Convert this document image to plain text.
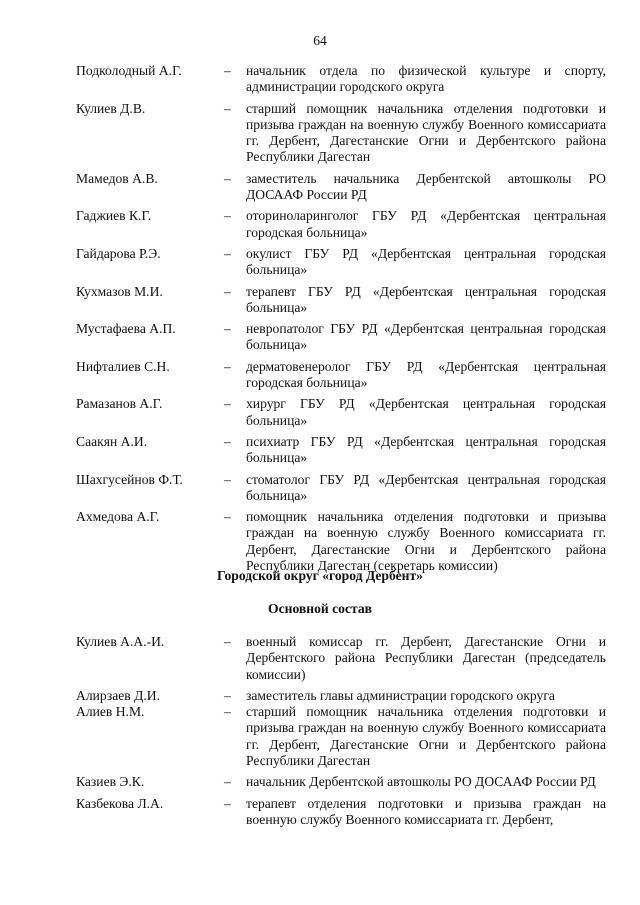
64
Подколодный А.Г.	–	начальник отдела по физической культуре и спорту, администрации городского округа
Кулиев Д.В.	–	старший помощник начальника отделения подготовки и призыва граждан на военную службу Военного комиссариата гг. Дербент, Дагестанские Огни и Дербентского района Республики Дагестан
Мамедов А.В.	–	заместитель начальника Дербентской автошколы РО ДОСААФ России РД
Гаджиев К.Г.	–	оториноларинголог ГБУ РД «Дербентская центральная городская больница»
Гайдарова Р.Э.	–	окулист ГБУ РД «Дербентская центральная городская больница»
Кухмазов М.И.	–	терапевт ГБУ РД «Дербентская центральная городская больница»
Мустафаева А.П.	–	невропатолог ГБУ РД «Дербентская центральная городская больница»
Нифталиев С.Н.	–	дерматовенеролог ГБУ РД «Дербентская центральная городская больница»
Рамазанов А.Г.	–	хирург ГБУ РД «Дербентская центральная городская больница»
Саакян А.И.	–	психиатр ГБУ РД «Дербентская центральная городская больница»
Шахгусейнов Ф.Т.	–	стоматолог ГБУ РД «Дербентская центральная городская больница»
Ахмедова А.Г.	–	помощник начальника отделения подготовки и призыва граждан на военную службу Военного комиссариата гг. Дербент, Дагестанские Огни и Дербентского района Республики Дагестан (секретарь комиссии)
Городской округ «город Дербент»
Основной состав
Кулиев А.А.-И.	–	военный комиссар гг. Дербент, Дагестанские Огни и Дербентского района Республики Дагестан (председатель комиссии)
Алирзаев Д.И.	–	заместитель главы администрации городского округа
Алиев Н.М.	–	старший помощник начальника отделения подготовки и призыва граждан на военную службу Военного комиссариата гг. Дербент, Дагестанские Огни и Дербентского района Республики Дагестан
Казиев Э.К.	–	начальник Дербентской автошколы РО ДОСААФ России РД
Казбекова Л.А.	–	терапевт отделения подготовки и призыва граждан на военную службу Военного комиссариата гг. Дербент,
